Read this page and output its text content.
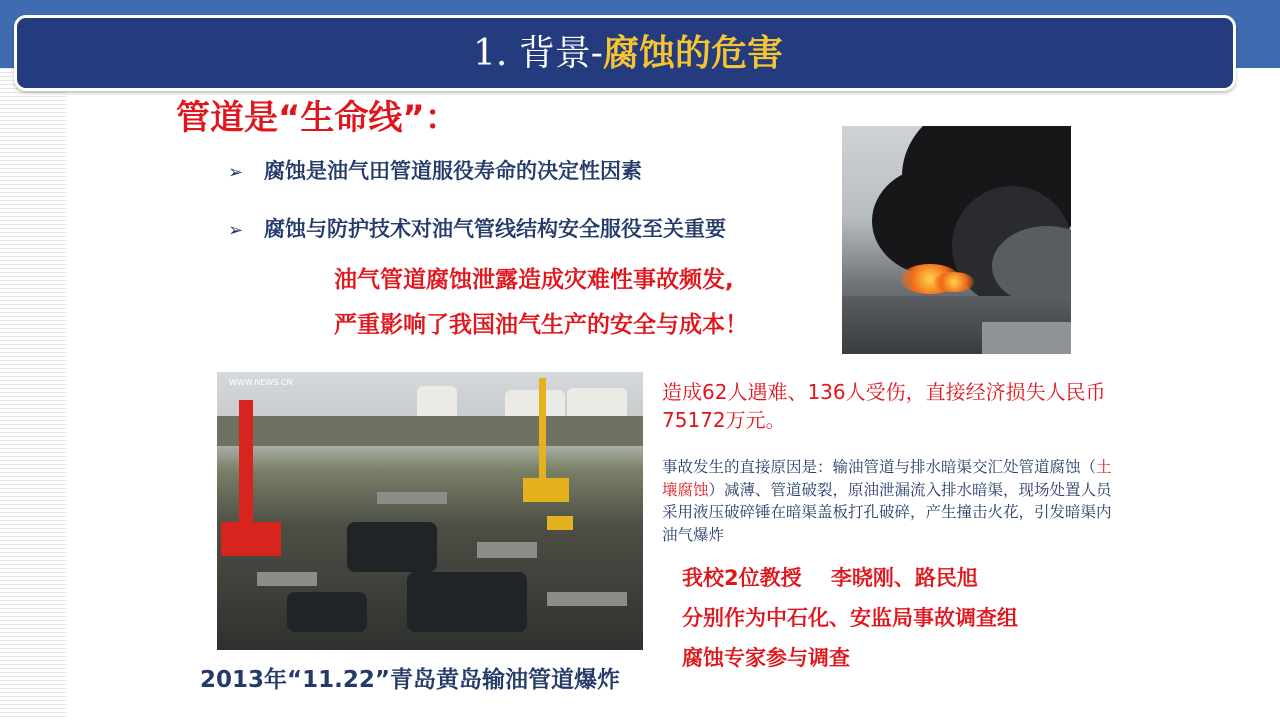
1. 背景-腐蚀的危害
管道是“生命线”：
➢ 腐蚀是油气田管道服役寿命的决定性因素
➢ 腐蚀与防护技术对油气管线结构安全服役至关重要
油气管道腐蚀泄露造成灾难性事故频发,
严重影响了我国油气生产的安全与成本！
WWW.NEWS.CN
2013年“11.22”青岛黄岛输油管道爆炸
造成62人遇难、136人受伤，直接经济损失人民币75172万元。
事故发生的直接原因是：输油管道与排水暗渠交汇处管道腐蚀（土壤腐蚀）减薄、管道破裂，原油泄漏流入排水暗渠，现场处置人员采用液压破碎锤在暗渠盖板打孔破碎，产生撞击火花，引发暗渠内油气爆炸
我校2位教授    李晓刚、路民旭
分别作为中石化、安监局事故调查组
腐蚀专家参与调查
